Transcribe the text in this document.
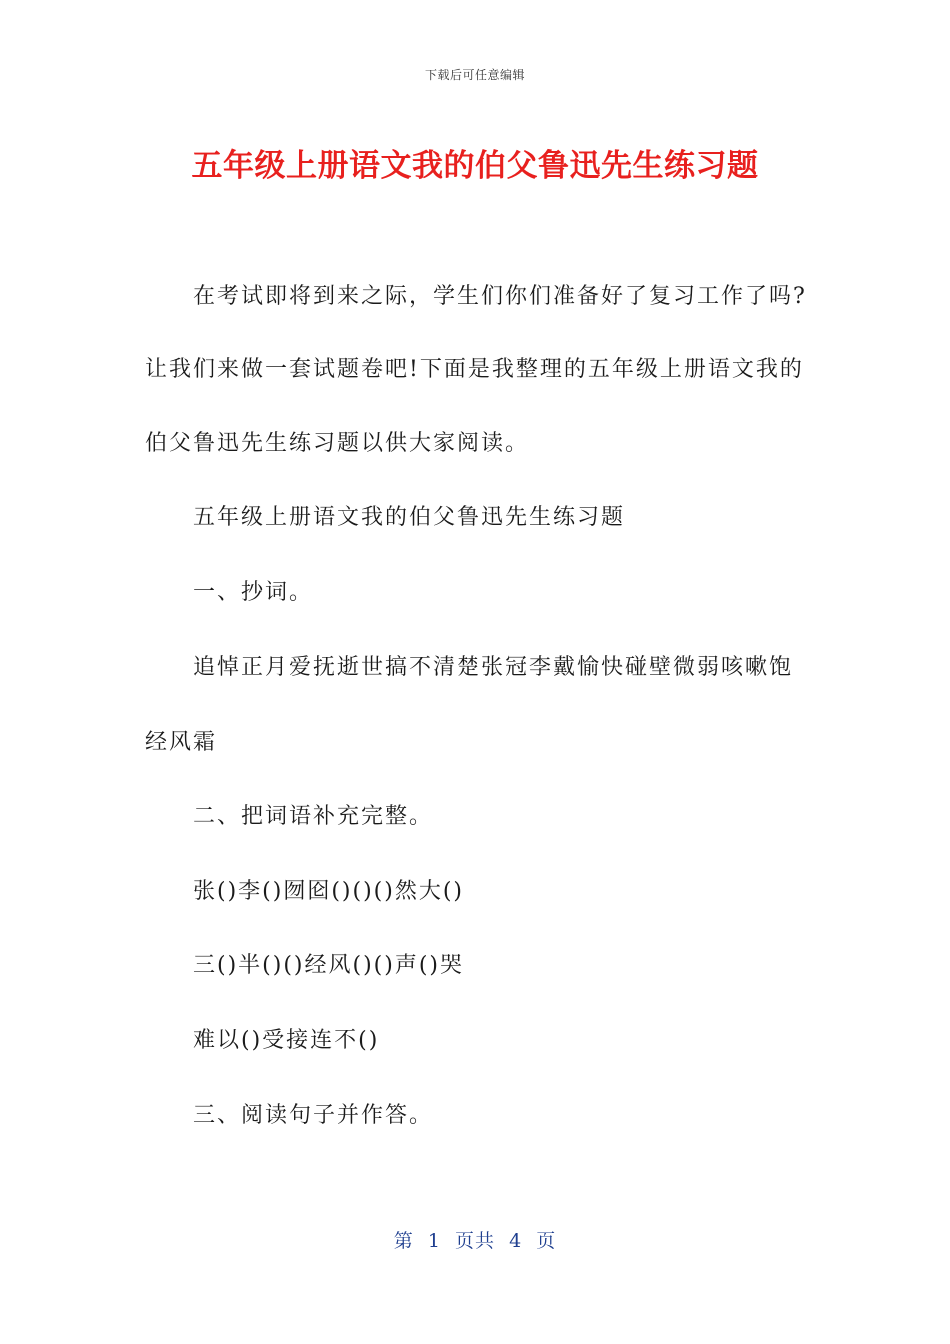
下载后可任意编辑
五年级上册语文我的伯父鲁迅先生练习题
在考试即将到来之际，学生们你们准备好了复习工作了吗?
让我们来做一套试题卷吧!下面是我整理的五年级上册语文我的
伯父鲁迅先生练习题以供大家阅读。
五年级上册语文我的伯父鲁迅先生练习题
一、抄词。
追悼正月爱抚逝世搞不清楚张冠李戴愉快碰壁微弱咳嗽饱
经风霜
二、把词语补充完整。
张()李()囫囵()()()然大()
三()半()()经风()()声()哭
难以()受接连不()
三、阅读句子并作答。
第  1  页共  4  页
